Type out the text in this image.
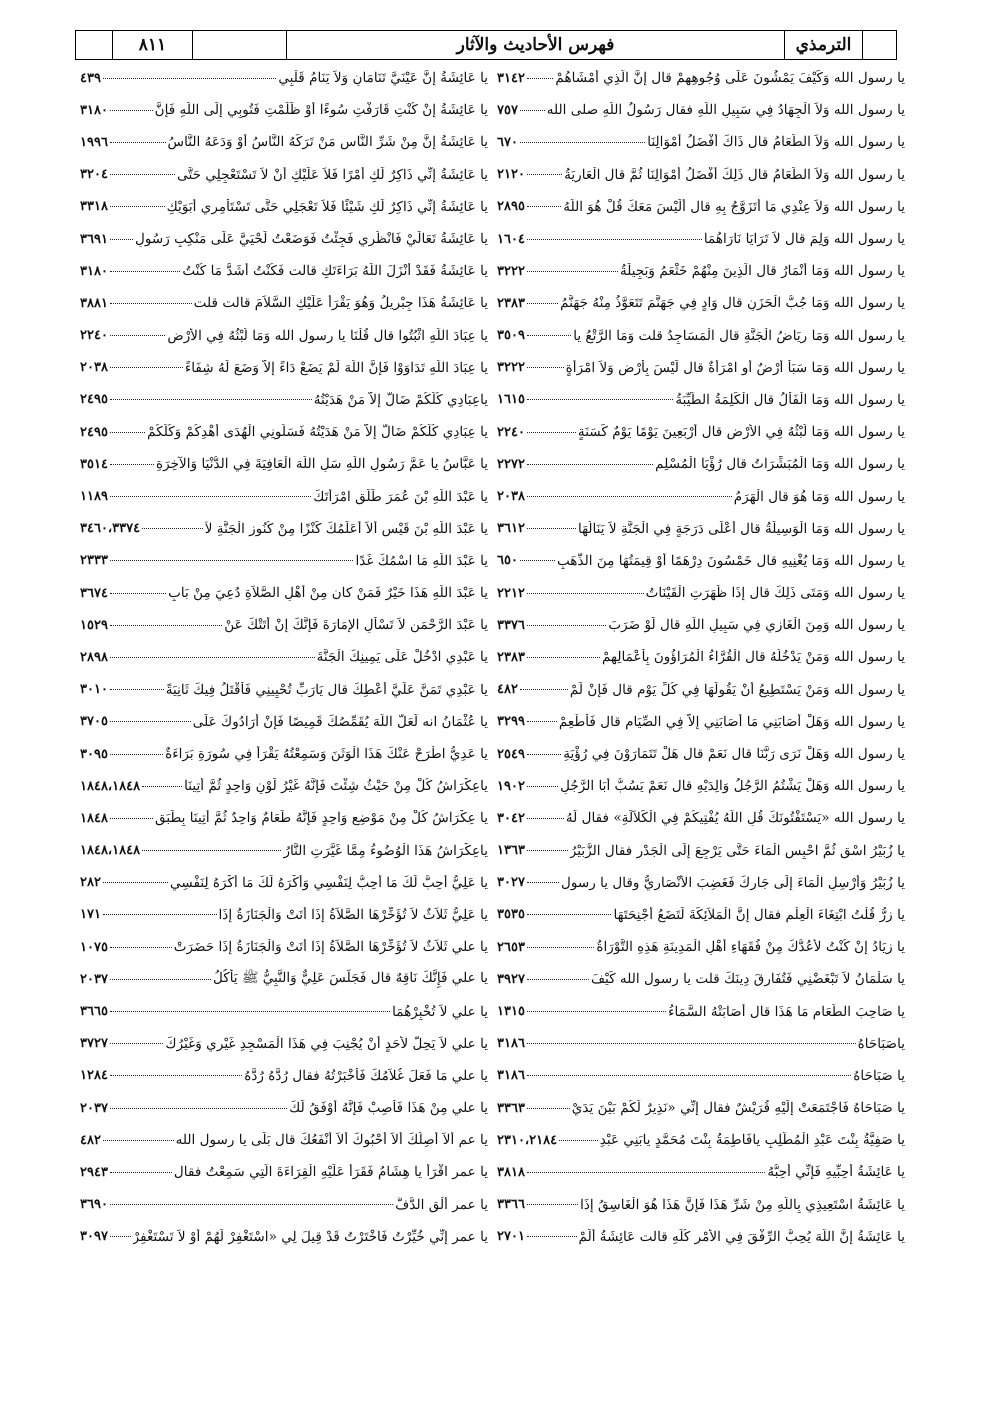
٨١١	فهرس الأحاديث والآثار	الترمذي
يا عَائِشَةُ إِنَّ عَيْنَيَّ تَنَامَانِ وَلاَ يَنَامُ قَلْبِي
٤٣٩
يا عَائِشَةُ إِنْ كُنْتِ قَارَفْتِ سُوءًا أَوْ ظَلَمْتِ فَتُوبِي إِلَى اللَّهِ فَإِنَّ
٣١٨٠
يا عَائِشَةُ إِنَّ مِنْ شَرِّ النَّاسِ مَنْ تَرَكَهُ النَّاسُ أَوْ وَدَعَهُ النَّاسُ
١٩٩٦
يا عَائِشَةُ إِنِّي ذَاكِرٌ لَكِ أَمْرًا فَلاَ عَلَيْكِ أَنْ لاَ تَسْتَعْجِلِي حَتَّى
٣٢٠٤
يا عَائِشَةُ إِنِّي ذَاكِرٌ لَكِ شَيْئًا فَلاَ تَعْجَلِي حَتَّى تَسْتَأْمِرِي أَبَوَيْكِ
٣٣١٨
يا عَائِشَةُ تَعَالَيْ فَانْظُرِي فَجِئْتُ فَوَضَعْتُ لَحْيَيَّ عَلَى مَنْكِبِ رَسُولِ
٣٦٩١
يا عَائِشَةُ فَقَدْ أَنْزَلَ اللَّهُ بَرَاءَتَكِ قالت فَكُنْتُ أَشَدَّ مَا كُنْتُ
٣١٨٠
يا عَائِشَةُ هَذَا جِبْرِيلُ وَهُوَ يَقْرَأُ عَلَيْكِ السَّلاَمَ قالت قلت
٣٨٨١
يا عِبَادَ اللَّهِ اثْبُتُوا قال قُلْنَا يا رسول الله وَمَا لُبْثُهُ فِي الأَرْضِ
٢٢٤٠
يا عِبَادَ اللَّهِ تَدَاوَوْا فَإِنَّ اللَّهَ لَمْ يَضَعْ دَاءً إِلاَّ وَضَعَ لَهُ شِفَاءً
٢٠٣٨
ياعِبَادِي كُلُّكُمْ ضَالٌّ إِلاَّ مَنْ هَدَيْتُهُ
٢٤٩٥
يا عِبَادِي كُلُّكُمْ ضَالٌّ إِلاَّ مَنْ هَدَيْتُهُ فَسَلُونِي الْهُدَى أَهْدِكُمْ وَكُلُّكُمْ
٢٤٩٥
يا عَبَّاسُ يا عَمَّ رَسُولِ اللَّهِ سَلِ اللَّهَ الْعَافِيَةَ فِي الدُّنْيَا وَالآخِرَةِ
٣٥١٤
يا عَبْدَ اللَّهِ بْنَ عُمَرَ طَلِّقِ امْرَأَتَكَ
١١٨٩
يا عَبْدَ اللَّهِ بْنَ قَيْسٍ أَلاَ أُعَلِّمُكَ كَنْزًا مِنْ كُنُوزِ الْجَنَّةِ لاَ
٣٤٦٠،٣٣٧٤
يا عَبْدَ اللَّهِ مَا اسْمُكَ غَدًا
٢٣٣٣
يا عَبْدَ اللَّهِ هَذَا خَيْرٌ فَمَنْ كان مِنْ أَهْلِ الصَّلاَةِ دُعِيَ مِنْ بَابِ
٣٦٧٤
يا عَبْدَ الرَّحْمَنِ لاَ تَسْأَلِ الإِمَارَةَ فَإِنَّكَ إِنْ أَتَتْكَ عَنْ
١٥٢٩
يا عَبْدِي ادْخُلْ عَلَى يَمِينِكَ الْجَنَّةَ
٢٨٩٨
يا عَبْدِي تَمَنَّ عَلَيَّ أُعْطِكَ قال يَارَبِّ تُحْيِينِي فَأُقْتَلُ فِيكَ ثَانِيَةً
٣٠١٠
يا عُثْمَانُ انه لَعَلَّ اللَّهَ يُقَمِّصُكَ قَمِيصًا فَإِنْ أَرَادُوكَ عَلَى
٣٧٠٥
يا عَدِيُّ اطْرَحْ عَنْكَ هَذَا الْوَثَنَ وَسَمِعْتُهُ يَقْرَأُ فِي سُورَةِ بَرَاءَةٌ
٣٠٩٥
ياعِكْرَاشُ كُلْ مِنْ حَيْثُ شِئْتَ فَإِنَّهُ غَيْرُ لَوْنٍ وَاحِدٍ ثُمَّ أُتِينَا
١٨٤٨،١٨٤٨
يا عِكْرَاشُ كُلْ مِنْ مَوْضِعٍ وَاحِدٍ فَإِنَّهُ طَعَامٌ وَاحِدٌ ثُمَّ أُتِينَا بِطَبَقٍ
١٨٤٨
ياعِكْرَاشُ هَذَا الْوُضُوءُ مِمَّا غَيَّرَتِ النَّارُ
١٨٤٨،١٨٤٨
يا عَلِيُّ أُحِبُّ لَكَ مَا أُحِبُّ لِنَفْسِي وَأَكْرَهُ لَكَ مَا أَكْرَهُ لِنَفْسِي
٢٨٢
يا عَلِيُّ ثَلاَثٌ لاَ تُؤَخِّرْهَا الصَّلاَةُ إِذَا أَتَتْ وَالْجَنَازَةُ إِذَا
١٧١
يا علي ثَلاَثٌ لاَ تُؤَخِّرْهَا الصَّلاَةُ إِذَا أَتَتْ وَالْجَنَازَةُ إِذَا حَضَرَتْ
١٠٧٥
يا علي فَإِنَّكَ نَاقِهٌ قال فَجَلَسَ عَلِيٌّ وَالنَّبِيُّ ﷺ يَأْكُلُ
٢٠٣٧
يا علي لاَ تُخْبِرْهُمَا
٣٦٦٥
يا علي لاَ يَحِلُّ لأَحَدٍ أَنْ يُجْنِبَ فِي هَذَا الْمَسْجِدِ غَيْرِي وَغَيْرُكَ
٣٧٢٧
يا علي مَا فَعَلَ غُلاَمُكَ فَأَخْبَرْتُهُ فقال رُدَّهُ رُدَّهُ
١٢٨٤
يا علي مِنْ هَذَا فَأَصِبْ فَإِنَّهُ أَوْفَقُ لَكَ
٢٠٣٧
يا عم أَلاَ أَصِلُكَ أَلاَ أَحْبُوكَ أَلاَ أَنْفَعُكَ قال بَلَى يا رسول الله
٤٨٢
يا عمر اقْرَأْ يا هِشَامُ فَقَرَأَ عَلَيْهِ الْقِرَاءَةَ الَّتِي سَمِعْتُ فقال
٢٩٤٣
يا عمر أَلْقِ الدُّفَّ
٣٦٩٠
يا عمر إِنِّي خُيِّرْتُ فَاخْتَرْتُ قَدْ قِيلَ لِي «اسْتَغْفِرْ لَهُمْ أَوْ لاَ تَسْتَغْفِرْ
٣٠٩٧
يا رسول الله وَكَيْفَ يَمْشُونَ عَلَى وُجُوهِهِمْ قال إِنَّ الَّذِي أَمْشَاهُمْ
٣١٤٢
يا رسول الله وَلاَ الْجِهَادُ فِي سَبِيلِ اللَّهِ فقال رَسُولُ اللَّهِ صلى الله
٧٥٧
يا رسول الله وَلاَ الطَّعَامُ قال ذَاكَ أَفْضَلُ أَمْوَالِنَا
٦٧٠
يا رسول الله وَلاَ الطَّعَامُ قال ذَلِكَ أَفْضَلُ أَمْوَالِنَا ثُمَّ قال الْعَارِيَةُ
٢١٢٠
يا رسول الله وَلاَ عِنْدِي مَا أَتَزَوَّجُ بِهِ قال أَلَيْسَ مَعَكَ قُلْ هُوَ اللَّهُ
٢٨٩٥
يا رسول الله وَلِمَ قال لاَ تَرَايَا نَارَاهُمَا
١٦٠٤
يا رسول الله وَمَا أَنْمَارُ قال الَّذِينَ مِنْهُمْ خَثْعَمُ وَبَجِيلَةُ
٣٢٢٢
يا رسول الله وَمَا جُبُّ الْحَزَنِ قال وَادٍ فِي جَهَنَّمَ تَتَعَوَّذُ مِنْهُ جَهَنَّمُ
٢٣٨٣
يا رسول الله وَمَا رِيَاضُ الْجَنَّةِ قال الْمَسَاجِدُ قلت وَمَا الرَّتْعُ يا
٣٥٠٩
يا رسول الله وَمَا سَبَأٌ أَرْضٌ أَوِ امْرَأَةٌ قال لَيْسَ بِأَرْضٍ وَلاَ امْرَأَةٍ
٣٢٢٢
يا رسول الله وَمَا الْفَأْلُ قال الْكَلِمَةُ الطَّيِّبَةُ
١٦١٥
يا رسول الله وَمَا لُبْثُهُ فِي الأَرْضِ قال أَرْبَعِينَ يَوْمًا يَوْمٌ كَسَنَةٍ
٢٢٤٠
يا رسول الله وَمَا الْمُبَشِّرَاتُ قال رُؤْيَا الْمُسْلِمِ
٢٢٧٢
يا رسول الله وَمَا هُوَ قال الْهَرَمُ
٢٠٣٨
يا رسول الله وَمَا الْوَسِيلَةُ قال أَعْلَى دَرَجَةٍ فِي الْجَنَّةِ لاَ يَنَالُهَا
٣٦١٢
يا رسول الله وَمَا يُغْنِيهِ قال خَمْسُونَ دِرْهَمًا أَوْ قِيمَتُهَا مِنَ الذَّهَبِ
٦٥٠
يا رسول الله وَمَتَى ذَلِكَ قال إِذَا ظَهَرَتِ الْقَيْنَاتُ
٢٢١٢
يا رسول الله وَمِنَ الْغَازِي فِي سَبِيلِ اللَّهِ قال لَوْ ضَرَبَ
٣٣٧٦
يا رسول الله وَمَنْ يَدْخُلُهُ قال الْقُرَّاءُ الْمُرَاؤُونَ بِأَعْمَالِهِمْ
٢٣٨٣
يا رسول الله وَمَنْ يَسْتَطِيعُ أَنْ يَقُولَهَا فِي كُلِّ يَوْمٍ قال فَإِنْ لَمْ
٤٨٢
يا رسول الله وَهَلْ أَصَابَنِي مَا أَصَابَنِي إِلاَّ فِي الصِّيَامِ قال فَأَطْعِمْ
٣٢٩٩
يا رسول الله وَهَلْ نَرَى رَبَّنَا قال نَعَمْ قال هَلْ تَتَمَارَوْنَ فِي رُؤْيَةِ
٢٥٤٩
يا رسول الله وَهَلْ يَشْتُمُ الرَّجُلُ وَالِدَيْهِ قال نَعَمْ يَسُبُّ أَبَا الرَّجُلِ
١٩٠٢
يا رسول الله «يَسْتَفْتُونَكَ قُلِ اللَّهُ يُفْتِيكُمْ فِي الْكَلاَلَةِ» فقال لَهُ
٣٠٤٢
يا زُبَيْرُ اسْقِ ثُمَّ احْبِسِ الْمَاءَ حَتَّى يَرْجِعَ إِلَى الْجَدْرِ فقال الزُّبَيْرُ
١٣٦٣
يا زُبَيْرُ وَأَرْسِلِ الْمَاءَ إِلَى جَارِكَ فَغَضِبَ الأَنْصَارِيُّ وقال يا رسول
٣٠٢٧
يا زِرُّ قُلْتُ ابْتِغَاءَ الْعِلْمِ فقال إِنَّ الْمَلاَئِكَةَ لَتَضَعُ أَجْنِحَتَهَا
٣٥٣٥
يا زِيَادُ إِنْ كُنْتُ لأَعُدُّكَ مِنْ فُقَهَاءِ أَهْلِ الْمَدِينَةِ هَذِهِ التَّوْرَاةُ
٢٦٥٣
يا سَلْمَانُ لاَ تَبْغَضْنِي فَتُفَارِقَ دِينَكَ قلت يا رسول الله كَيْفَ
٣٩٢٧
يا صَاحِبَ الطَّعَامِ مَا هَذَا قال أَصَابَتْهُ السَّمَاءُ
١٣١٥
ياصَبَاحَاهُ
٣١٨٦
يا صَبَاحَاهُ
٣١٨٦
يا صَبَاحَاهُ فَاجْتَمَعَتْ إِلَيْهِ قُرَيْشٌ فقال إِنِّي «نَذِيرٌ لَكُمْ بَيْنَ يَدَيْ
٣٣٦٣
يا صَفِيَّةُ بِنْتَ عَبْدِ الْمُطَّلِبِ يافَاطِمَةُ بِنْتَ مُحَمَّدٍ يابَنِي عَبْدِ
٢٣١٠،٢١٨٤
يا عَائِشَةُ أَحِبِّيهِ فَإِنِّي أُحِبُّهُ
٣٨١٨
يا عَائِشَةُ اسْتَعِيذِي بِاللَّهِ مِنْ شَرِّ هَذَا فَإِنَّ هَذَا هُوَ الْغَاسِقُ إِذَا
٣٣٦٦
يا عَائِشَةُ إِنَّ اللَّهَ يُحِبُّ الرِّفْقَ فِي الأَمْرِ كُلِّهِ قالت عَائِشَةُ أَلَمْ
٢٧٠١
